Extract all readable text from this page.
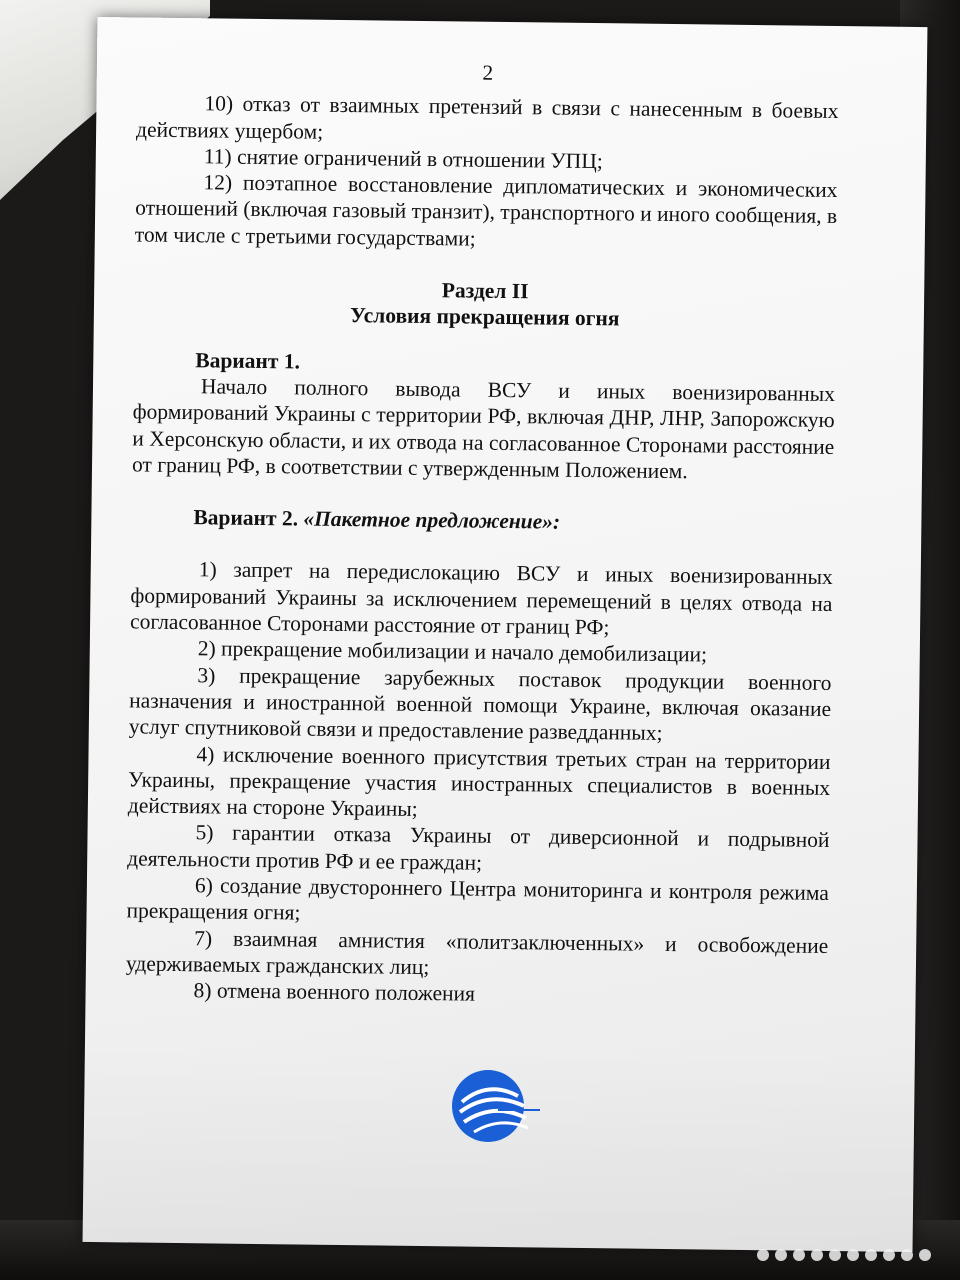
2

10) отказ от взаимных претензий в связи с нанесенным в боевых действиях ущербом;

11) снятие ограничений в отношении УПЦ;

12) поэтапное восстановление дипломатических и экономических отношений (включая газовый транзит), транспортного и иного сообщения, в том числе с третьими государствами;

Раздел II
Условия прекращения огня
Вариант 1.

Начало полного вывода ВСУ и иных военизированных формирований Украины с территории РФ, включая ДНР, ЛНР, Запорожскую и Херсонскую области, и их отвода на согласованное Сторонами расстояние от границ РФ, в соответствии с утвержденным Положением.

Вариант 2. «Пакетное предложение»:

1) запрет на передислокацию ВСУ и иных военизированных формирований Украины за исключением перемещений в целях отвода на согласованное Сторонами расстояние от границ РФ;

2) прекращение мобилизации и начало демобилизации;

3) прекращение зарубежных поставок продукции военного назначения и иностранной военной помощи Украине, включая оказание услуг спутниковой связи и предоставление разведданных;

4) исключение военного присутствия третьих стран на территории Украины, прекращение участия иностранных специалистов в военных действиях на стороне Украины;

5) гарантии отказа Украины от диверсионной и подрывной деятельности против РФ и ее граждан;

6) создание двустороннего Центра мониторинга и контроля режима прекращения огня;

7) взаимная амнистия «политзаключенных» и освобождение удерживаемых гражданских лиц;

8) отмена военного положения
